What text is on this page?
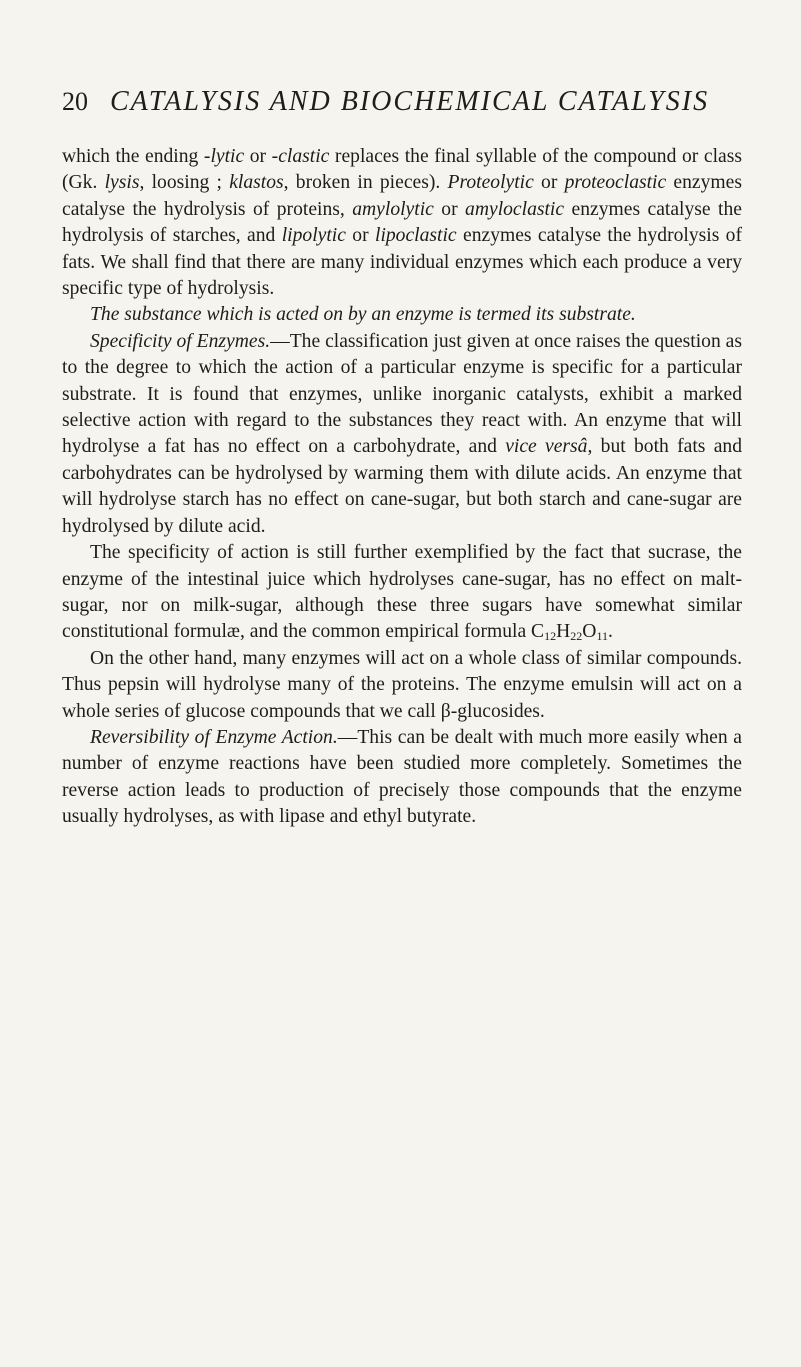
20 CATALYSIS AND BIOCHEMICAL CATALYSIS

which the ending -lytic or -clastic replaces the final syllable of the compound or class (Gk. lysis, loosing ; klastos, broken in pieces). Proteolytic or proteoclastic enzymes catalyse the hydrolysis of proteins, amylolytic or amyloclastic enzymes catalyse the hydrolysis of starches, and lipolytic or lipoclastic enzymes catalyse the hydrolysis of fats. We shall find that there are many individual enzymes which each produce a very specific type of hydrolysis.

The substance which is acted on by an enzyme is termed its substrate.

Specificity of Enzymes.—The classification just given at once raises the question as to the degree to which the action of a particular enzyme is specific for a particular substrate. It is found that enzymes, unlike inorganic catalysts, exhibit a marked selective action with regard to the substances they react with. An enzyme that will hydrolyse a fat has no effect on a carbohydrate, and vice versâ, but both fats and carbohydrates can be hydrolysed by warming them with dilute acids. An enzyme that will hydrolyse starch has no effect on cane-sugar, but both starch and cane-sugar are hydrolysed by dilute acid.

The specificity of action is still further exemplified by the fact that sucrase, the enzyme of the intestinal juice which hydrolyses cane-sugar, has no effect on malt-sugar, nor on milk-sugar, although these three sugars have somewhat similar constitutional formulæ, and the common empirical formula $C_{12}H_{22}O_{11}$.

On the other hand, many enzymes will act on a whole class of similar compounds. Thus pepsin will hydrolyse many of the proteins. The enzyme emulsin will act on a whole series of glucose compounds that we call β-glucosides.

Reversibility of Enzyme Action.—This can be dealt with much more easily when a number of enzyme reactions have been studied more completely. Sometimes the reverse action leads to production of precisely those compounds that the enzyme usually hydrolyses, as with lipase and ethyl butyrate.
